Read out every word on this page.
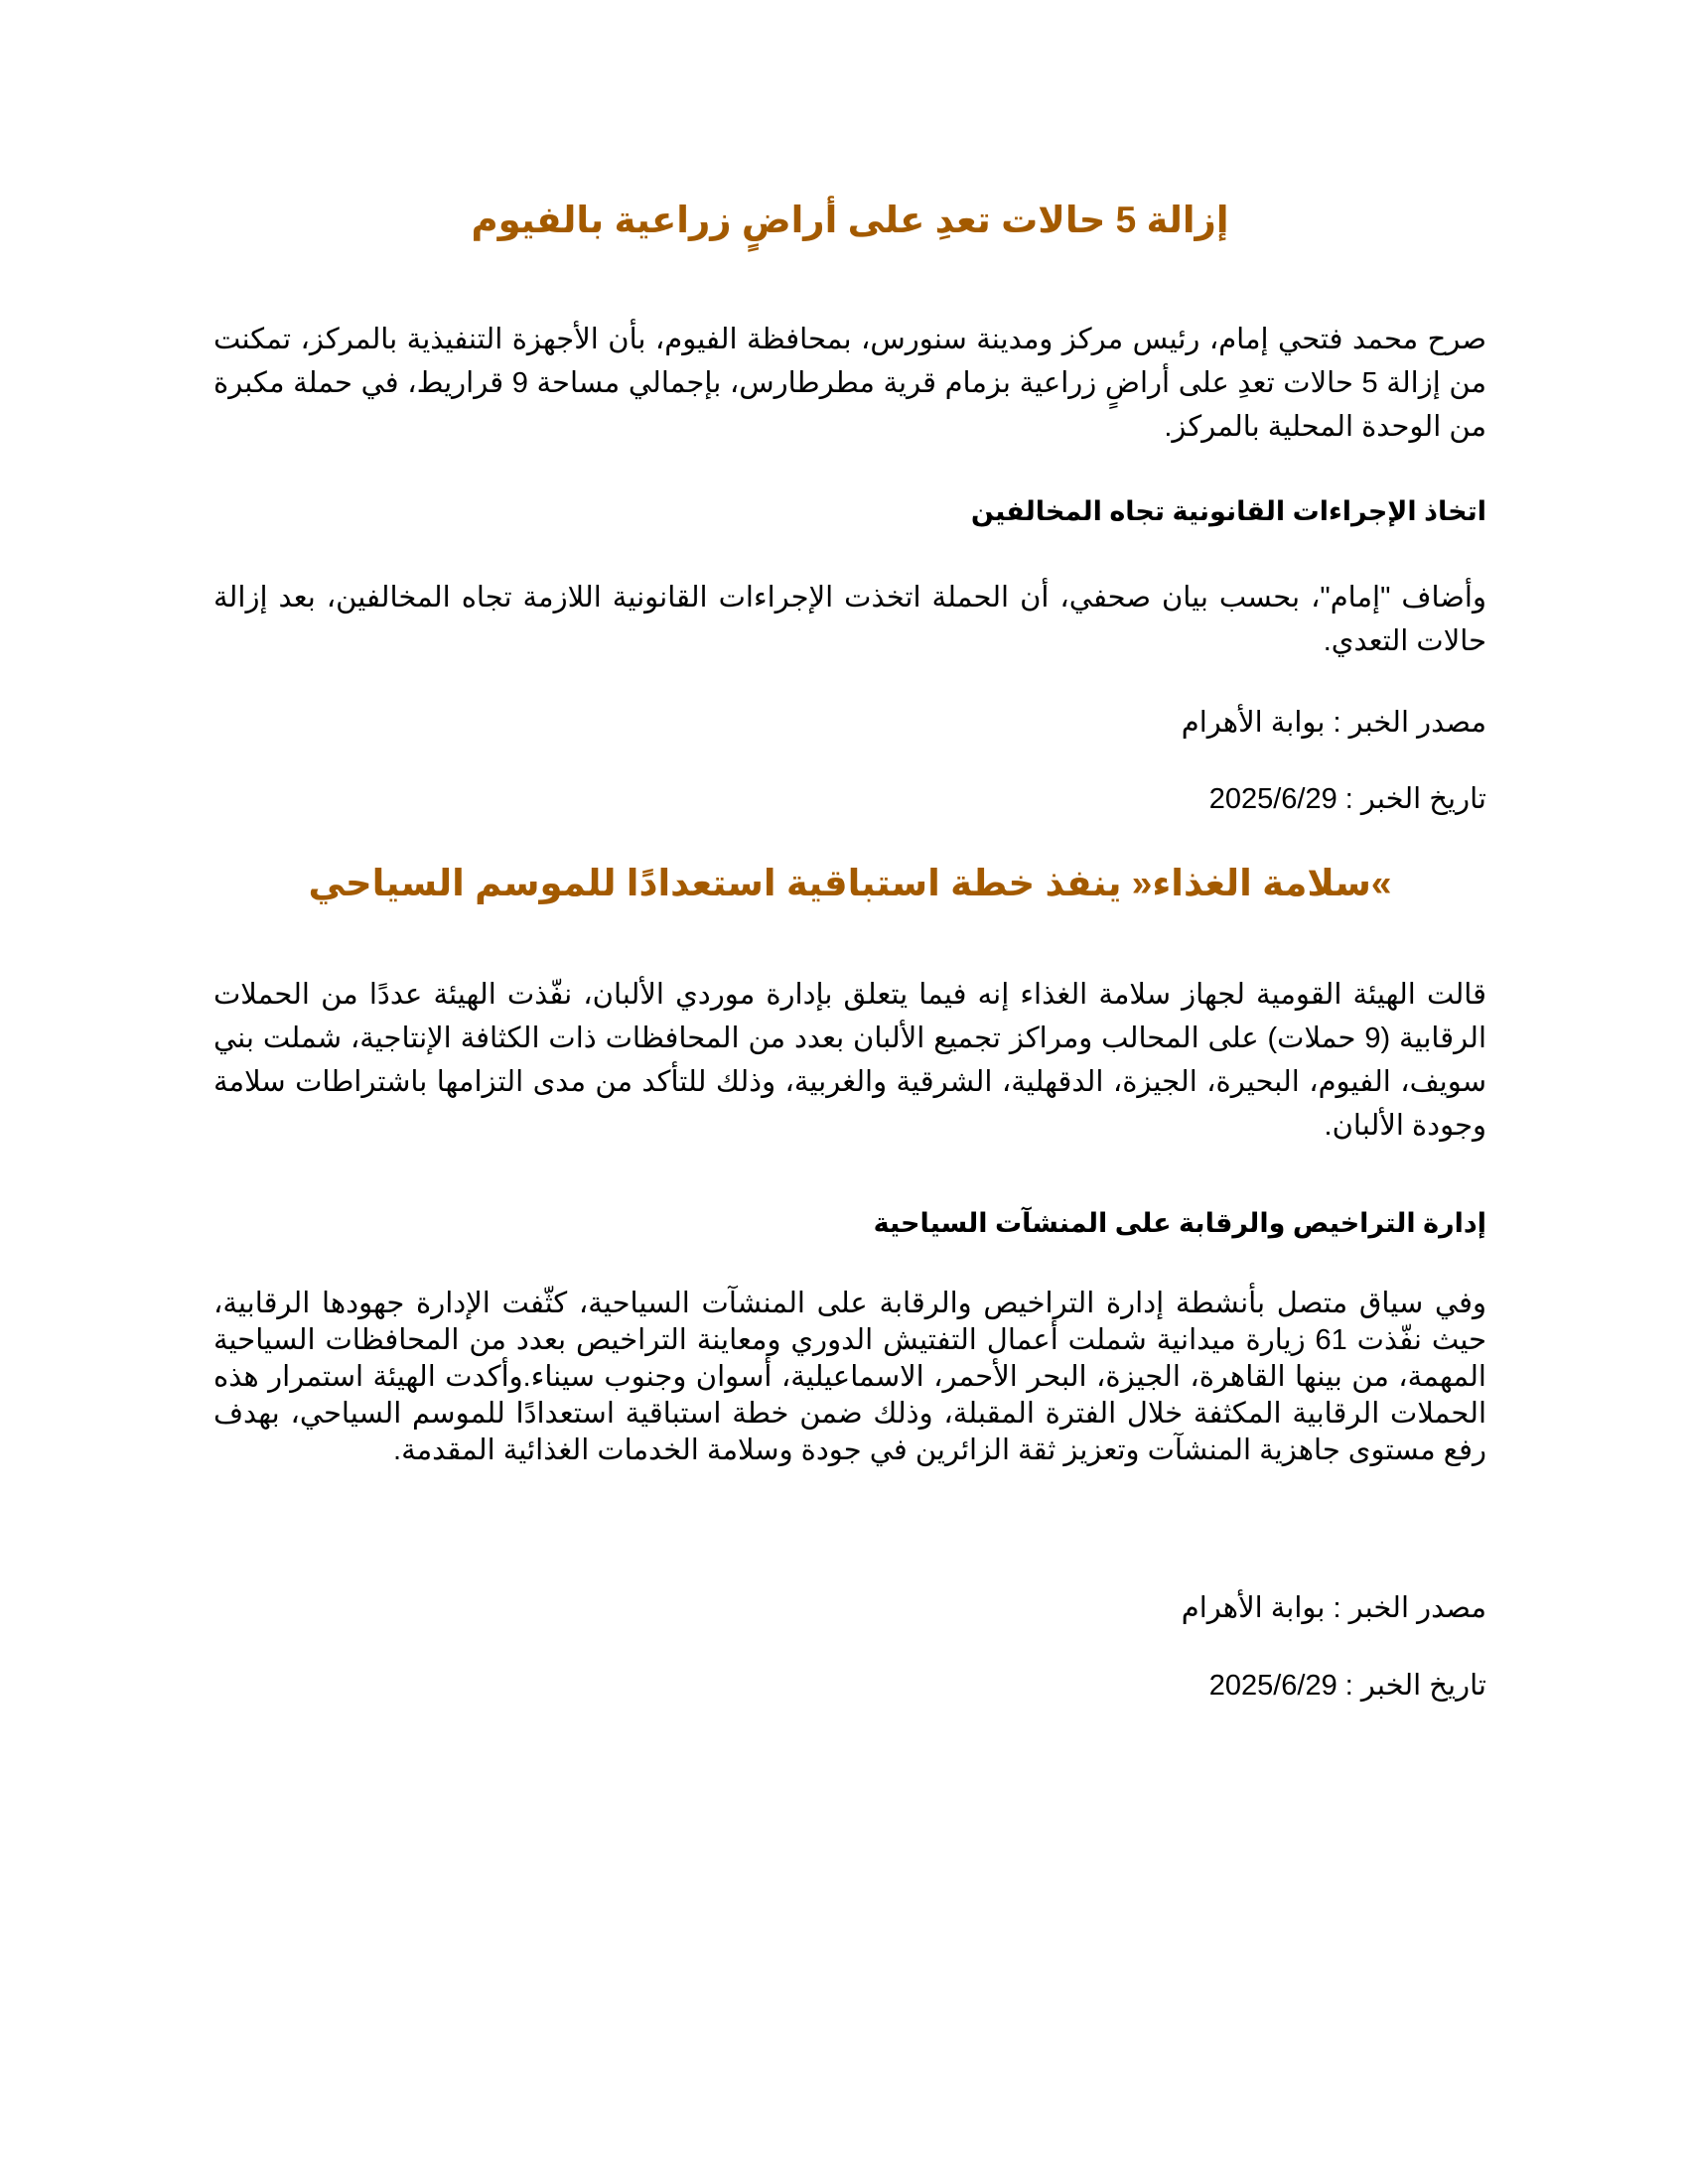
إزالة 5 حالات تعدِ على أراضٍ زراعية بالفيوم

صرح محمد فتحي إمام، رئيس مركز ومدينة سنورس، بمحافظة الفيوم، بأن الأجهزة التنفيذية بالمركز، تمكنت من إزالة 5 حالات تعدِ على أراضٍ زراعية بزمام قرية مطرطارس، بإجمالي مساحة 9 قراريط، في حملة مكبرة من الوحدة المحلية بالمركز.

اتخاذ الإجراءات القانونية تجاه المخالفين

وأضاف "إمام"، بحسب بيان صحفي، أن الحملة اتخذت الإجراءات القانونية اللازمة تجاه المخالفين، بعد إزالة حالات التعدي.

مصدر الخبر : بوابة الأهرام

تاريخ الخبر : 2025/6/29

»سلامة الغذاء« ينفذ خطة استباقية استعدادًا للموسم السياحي

قالت الهيئة القومية لجهاز سلامة الغذاء إنه فيما يتعلق بإدارة موردي الألبان، نفّذت الهيئة عددًا من الحملات الرقابية (9 حملات) على المحالب ومراكز تجميع الألبان بعدد من المحافظات ذات الكثافة الإنتاجية، شملت بني سويف، الفيوم، البحيرة، الجيزة، الدقهلية، الشرقية والغربية، وذلك للتأكد من مدى التزامها باشتراطات سلامة وجودة الألبان.

إدارة التراخيص والرقابة على المنشآت السياحية

وفي سياق متصل بأنشطة إدارة التراخيص والرقابة على المنشآت السياحية، كثّفت الإدارة جهودها الرقابية، حيث نفّذت 61 زيارة ميدانية شملت أعمال التفتيش الدوري ومعاينة التراخيص بعدد من المحافظات السياحية المهمة، من بينها القاهرة، الجيزة، البحر الأحمر، الاسماعيلية، أسوان وجنوب سيناء.وأكدت الهيئة استمرار هذه الحملات الرقابية المكثفة خلال الفترة المقبلة، وذلك ضمن خطة استباقية استعدادًا للموسم السياحي، بهدف رفع مستوى جاهزية المنشآت وتعزيز ثقة الزائرين في جودة وسلامة الخدمات الغذائية المقدمة.

مصدر الخبر : بوابة الأهرام

تاريخ الخبر : 2025/6/29
